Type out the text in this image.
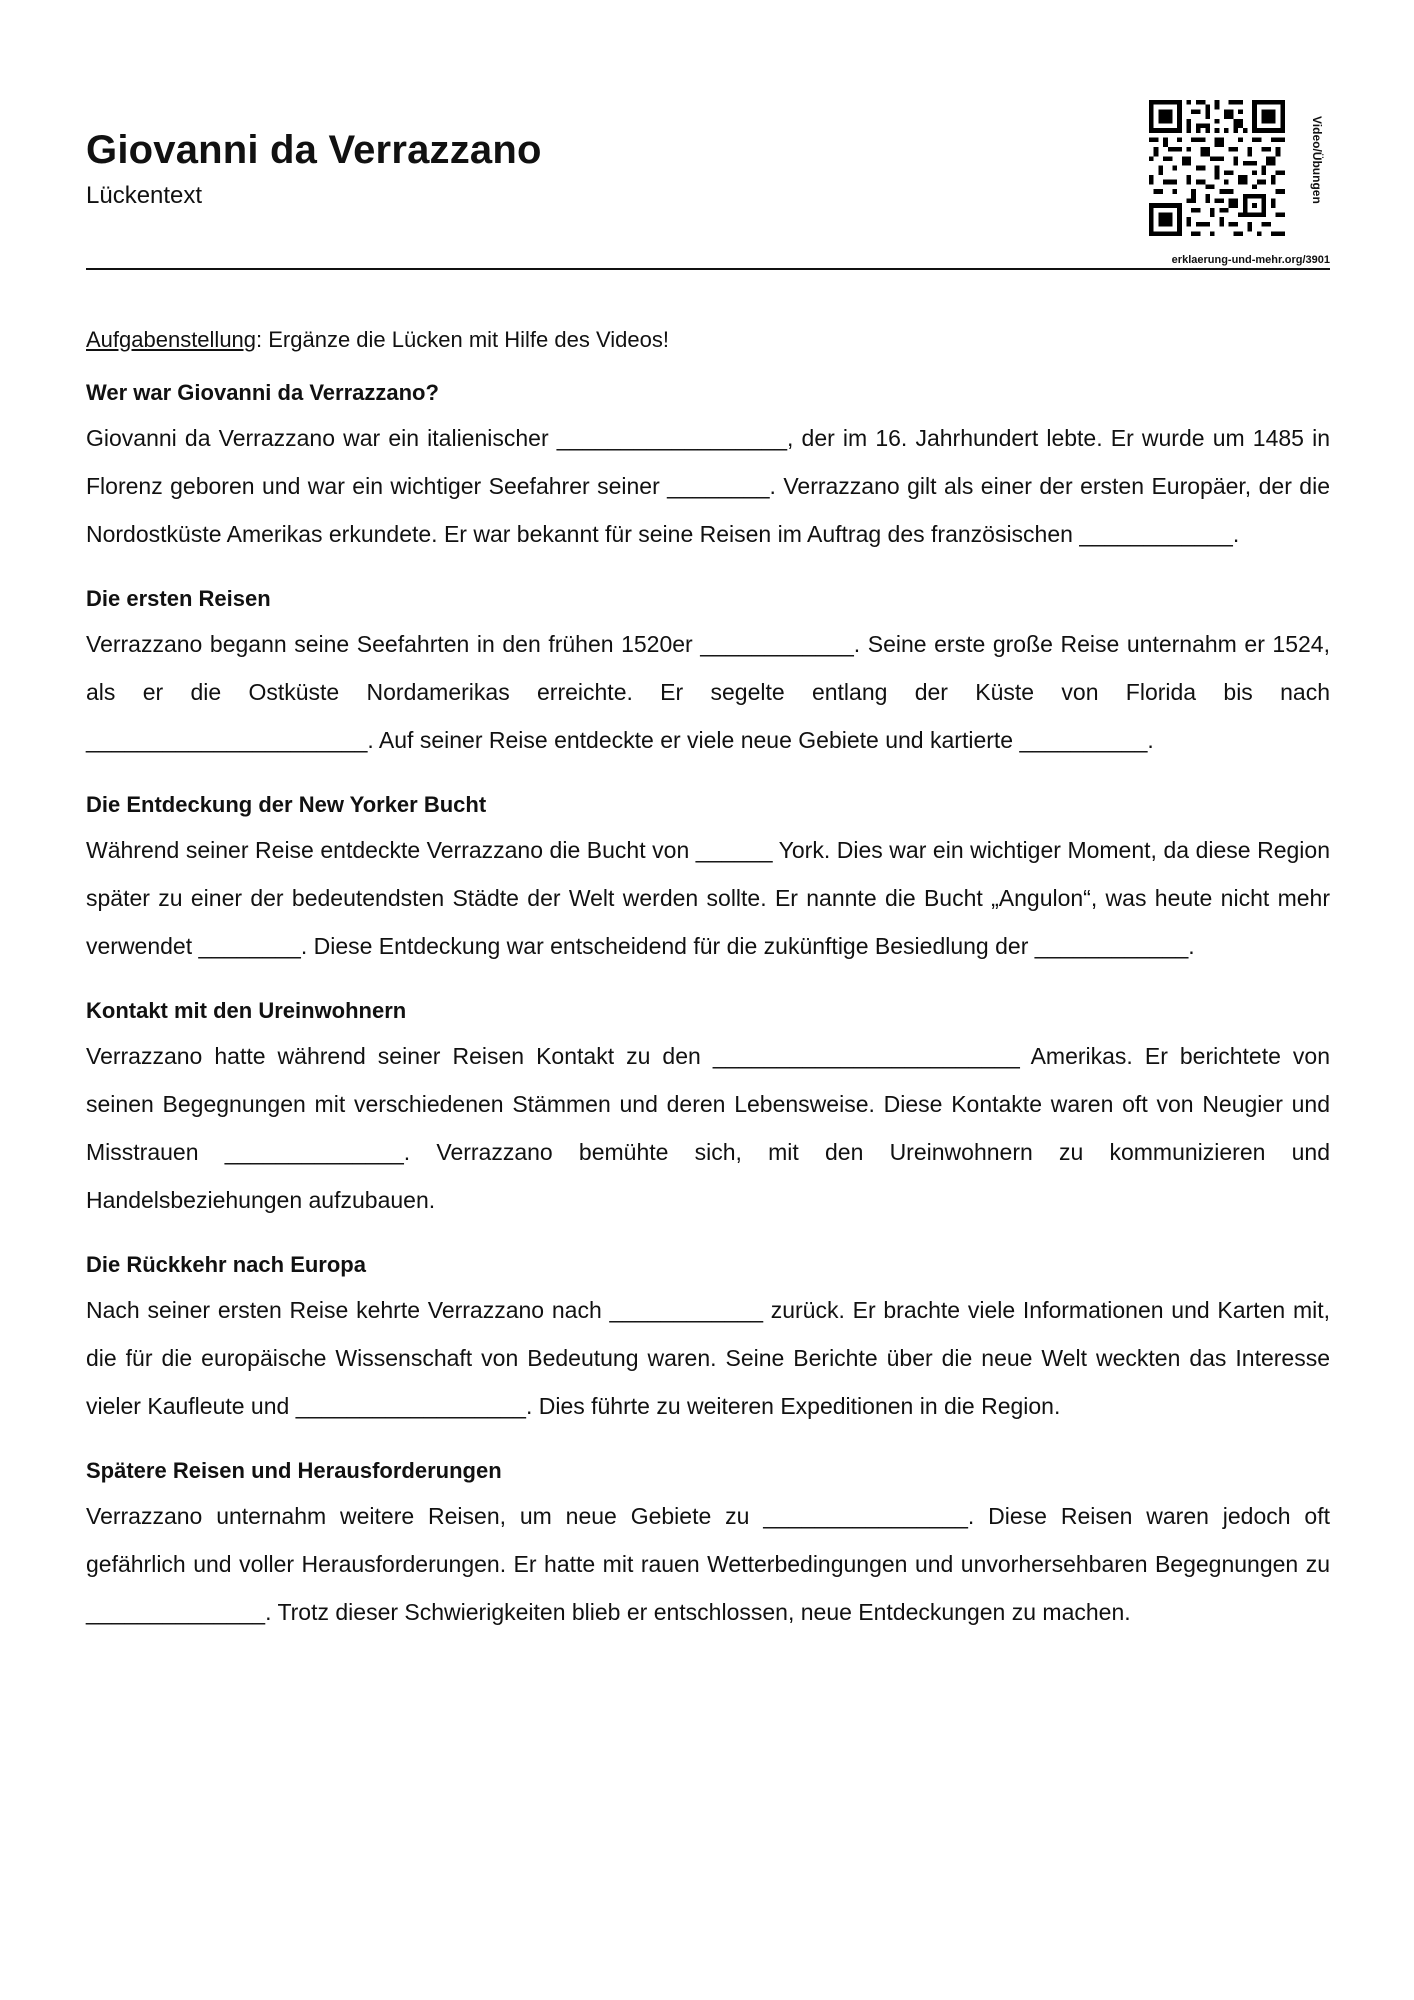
Giovanni da Verrazzano
Lückentext	Video/Übungen
erklaerung-und-mehr.org/3901

Aufgabenstellung: Ergänze die Lücken mit Hilfe des Videos!

Wer war Giovanni da Verrazzano?

Giovanni da Verrazzano war ein italienischer __________________, der im 16. Jahrhundert lebte. Er wurde um 1485 in Florenz geboren und war ein wichtiger Seefahrer seiner ________. Verrazzano gilt als einer der ersten Europäer, der die Nordostküste Amerikas erkundete. Er war bekannt für seine Reisen im Auftrag des französischen ____________.

Die ersten Reisen

Verrazzano begann seine Seefahrten in den frühen 1520er ____________. Seine erste große Reise unternahm er 1524, als er die Ostküste Nordamerikas erreichte. Er segelte entlang der Küste von Florida bis nach ______________________. Auf seiner Reise entdeckte er viele neue Gebiete und kartierte __________.

Die Entdeckung der New Yorker Bucht

Während seiner Reise entdeckte Verrazzano die Bucht von ______ York. Dies war ein wichtiger Moment, da diese Region später zu einer der bedeutendsten Städte der Welt werden sollte. Er nannte die Bucht „Angulon“, was heute nicht mehr verwendet ________. Diese Entdeckung war entscheidend für die zukünftige Besiedlung der ____________.

Kontakt mit den Ureinwohnern

Verrazzano hatte während seiner Reisen Kontakt zu den ________________________ Amerikas. Er berichtete von seinen Begegnungen mit verschiedenen Stämmen und deren Lebensweise. Diese Kontakte waren oft von Neugier und Misstrauen ______________. Verrazzano bemühte sich, mit den Ureinwohnern zu kommunizieren und Handelsbeziehungen aufzubauen.

Die Rückkehr nach Europa

Nach seiner ersten Reise kehrte Verrazzano nach ____________ zurück. Er brachte viele Informationen und Karten mit, die für die europäische Wissenschaft von Bedeutung waren. Seine Berichte über die neue Welt weckten das Interesse vieler Kaufleute und __________________. Dies führte zu weiteren Expeditionen in die Region.

Spätere Reisen und Herausforderungen

Verrazzano unternahm weitere Reisen, um neue Gebiete zu ________________. Diese Reisen waren jedoch oft gefährlich und voller Herausforderungen. Er hatte mit rauen Wetterbedingungen und unvorhersehbaren Begegnungen zu ______________. Trotz dieser Schwierigkeiten blieb er entschlossen, neue Entdeckungen zu machen.
